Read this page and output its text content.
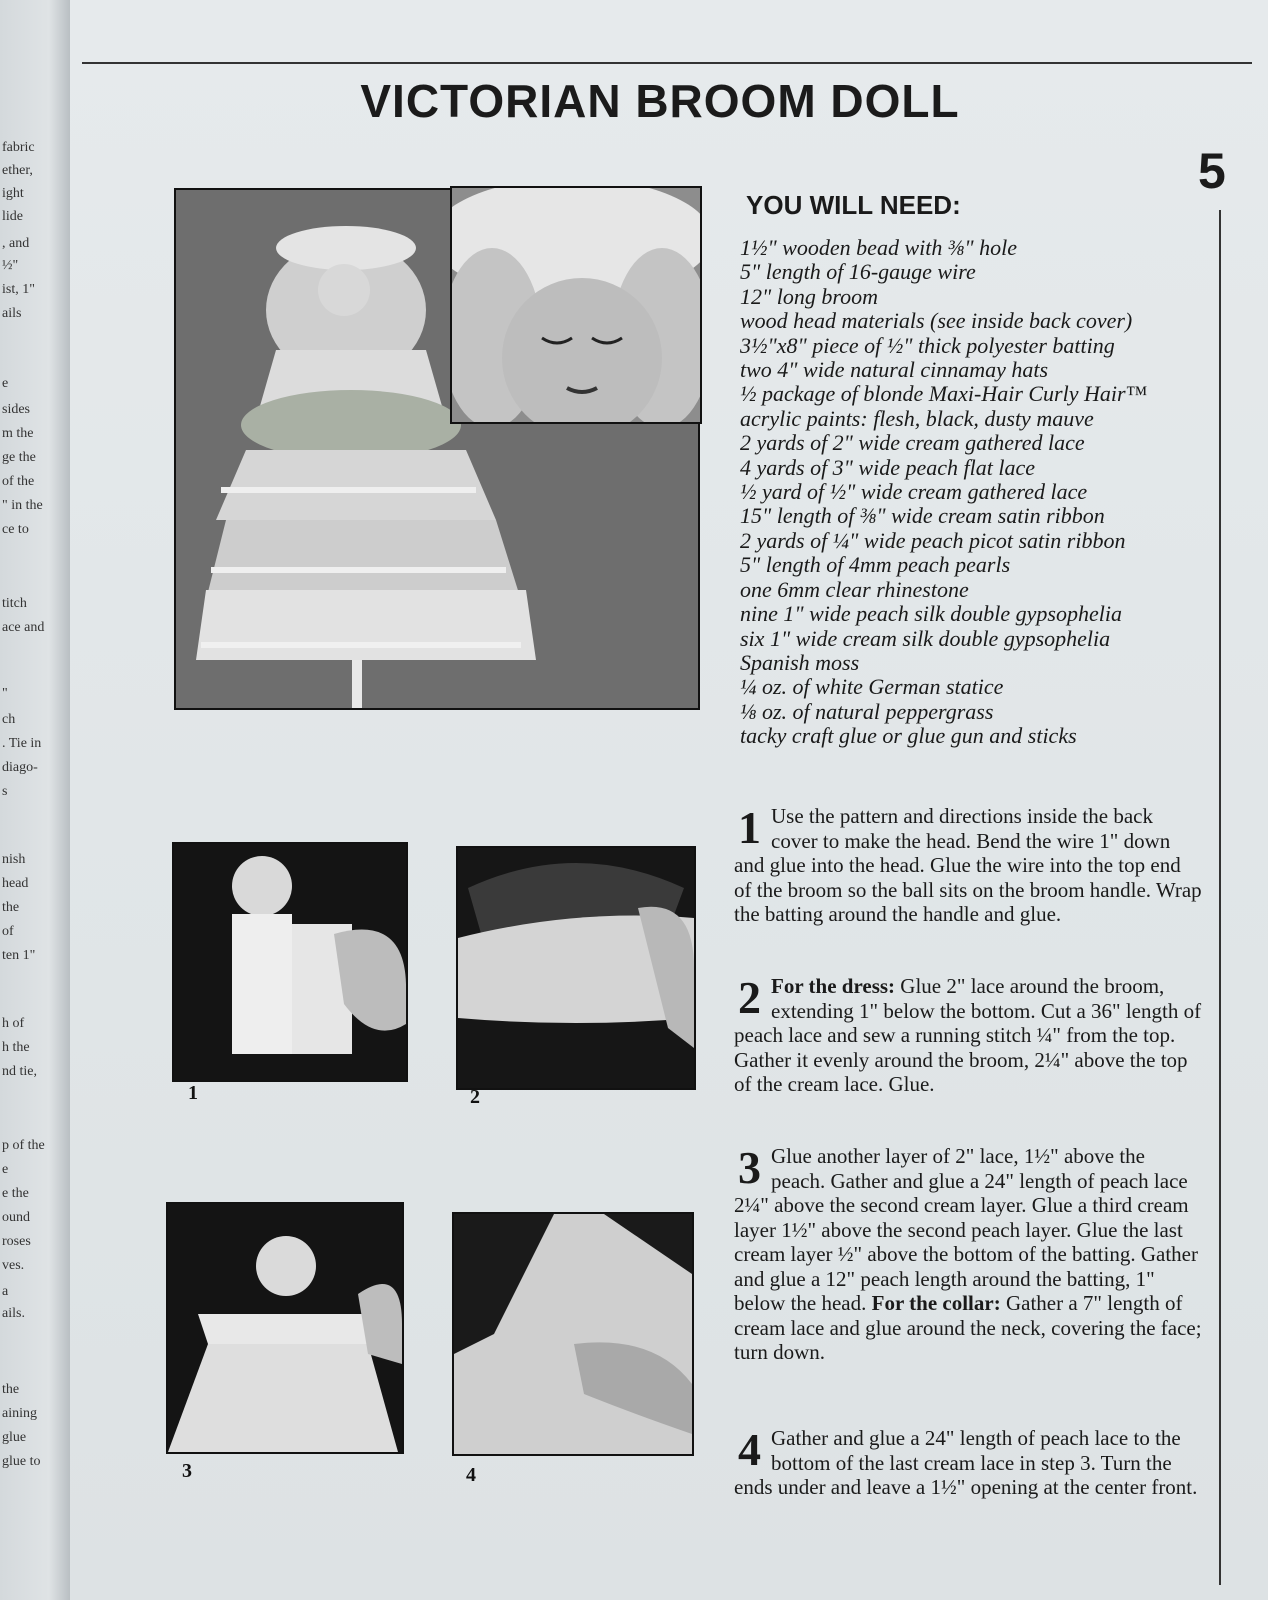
fabric
ether,
ight
lide
, and
½"
ist, 1"
ails
e
sides
m the
ge the
of the
" in the
ce to
titch
ace and
"
ch
. Tie in
diago-
s
nish
head
the
of
ten 1"
h of
h the
nd tie,
p of the
e
e the
ound
roses
ves.
a
ails.
the
aining
glue
glue to
VICTORIAN BROOM DOLL
5
YOU WILL NEED:
1½" wooden bead with ⅜" hole
5" length of 16-gauge wire
12" long broom
wood head materials (see inside back cover)
3½"x8" piece of ½" thick polyester batting
two 4" wide natural cinnamay hats
½ package of blonde Maxi-Hair Curly Hair™
acrylic paints: flesh, black, dusty mauve
2 yards of 2" wide cream gathered lace
4 yards of 3" wide peach flat lace
½ yard of ½" wide cream gathered lace
15" length of ⅜" wide cream satin ribbon
2 yards of ¼" wide peach picot satin ribbon
5" length of 4mm peach pearls
one 6mm clear rhinestone
nine 1" wide peach silk double gypsophelia
six 1" wide cream silk double gypsophelia
Spanish moss
¼ oz. of white German statice
⅛ oz. of natural peppergrass
tacky craft glue or glue gun and sticks
1	2
3	4

1 Use the pattern and directions inside the back cover to make the head. Bend the wire 1" down and glue into the head. Glue the wire into the top end of the broom so the ball sits on the broom handle. Wrap the batting around the handle and glue.

2 For the dress: Glue 2" lace around the broom, extending 1" below the bottom. Cut a 36" length of peach lace and sew a running stitch ¼" from the top. Gather it evenly around the broom, 2¼" above the top of the cream lace. Glue.

3 Glue another layer of 2" lace, 1½" above the peach. Gather and glue a 24" length of peach lace 2¼" above the second cream layer. Glue a third cream layer 1½" above the second peach layer. Glue the last cream layer ½" above the bottom of the batting. Gather and glue a 12" peach length around the batting, 1" below the head. For the collar: Gather a 7" length of cream lace and glue around the neck, covering the face; turn down.

4 Gather and glue a 24" length of peach lace to the bottom of the last cream lace in step 3. Turn the ends under and leave a 1½" opening at the center front.
